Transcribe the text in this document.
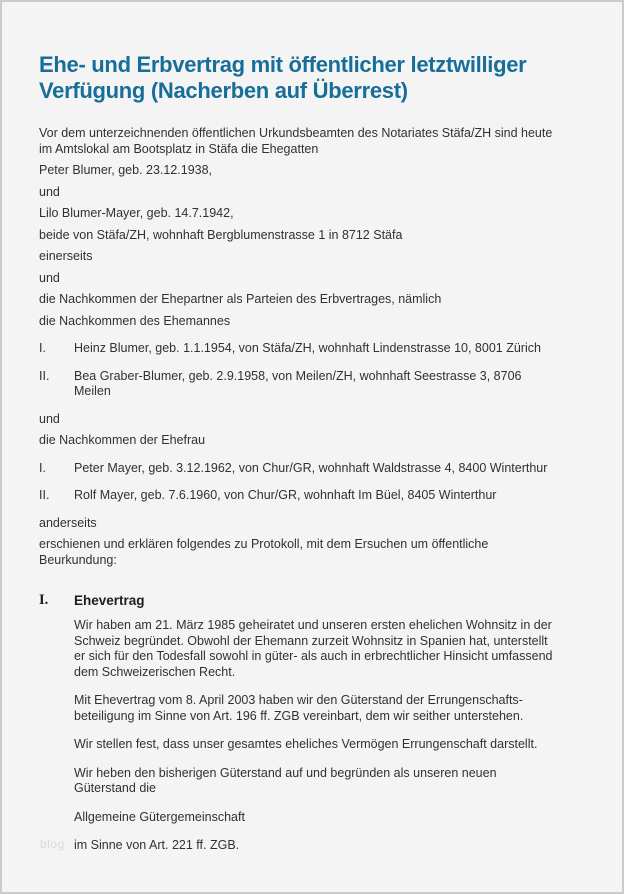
Ehe- und Erbvertrag mit öffentlicher letztwilliger Verfügung (Nacherben auf Überrest)

Vor dem unterzeichnenden öffentlichen Urkundsbeamten des Notariates Stäfa/ZH sind heute im Amtslokal am Bootsplatz in Stäfa die Ehegatten

Peter Blumer, geb. 23.12.1938,

und

Lilo Blumer-Mayer, geb. 14.7.1942,

beide von Stäfa/ZH, wohnhaft Bergblumenstrasse 1 in 8712 Stäfa

einerseits

und

die Nachkommen der Ehepartner als Parteien des Erbvertrages, nämlich

die Nachkommen des Ehemannes

I.	Heinz Blumer, geb. 1.1.1954, von Stäfa/ZH, wohnhaft Lindenstrasse 10, 8001 Zürich
II.	Bea Graber-Blumer, geb. 2.9.1958, von Meilen/ZH, wohnhaft Seestrasse 3, 8706 Meilen

und

die Nachkommen der Ehefrau

I.	Peter Mayer, geb. 3.12.1962, von Chur/GR, wohnhaft Waldstrasse 4, 8400 Winterthur
II.	Rolf Mayer, geb. 7.6.1960, von Chur/GR, wohnhaft Im Büel, 8405 Winterthur

anderseits

erschienen und erklären folgendes zu Protokoll, mit dem Ersuchen um öffentliche Beurkundung:

I.	Ehevertrag

Wir haben am 21. März 1985 geheiratet und unseren ersten ehelichen Wohnsitz in der Schweiz begründet. Obwohl der Ehemann zurzeit Wohnsitz in Spanien hat, unterstellt er sich für den Todesfall sowohl in güter- als auch in erbrechtlicher Hinsicht umfassend dem Schweizerischen Recht.

Mit Ehevertrag vom 8. April 2003 haben wir den Güterstand der Errungenschaftsbeteiligung im Sinne von Art. 196 ff. ZGB vereinbart, dem wir seither unterstehen.

Wir stellen fest, dass unser gesamtes eheliches Vermögen Errungenschaft darstellt.

Wir heben den bisherigen Güterstand auf und begründen als unseren neuen Güterstand die

Allgemeine Gütergemeinschaft

im Sinne von Art. 221 ff. ZGB.

blog
